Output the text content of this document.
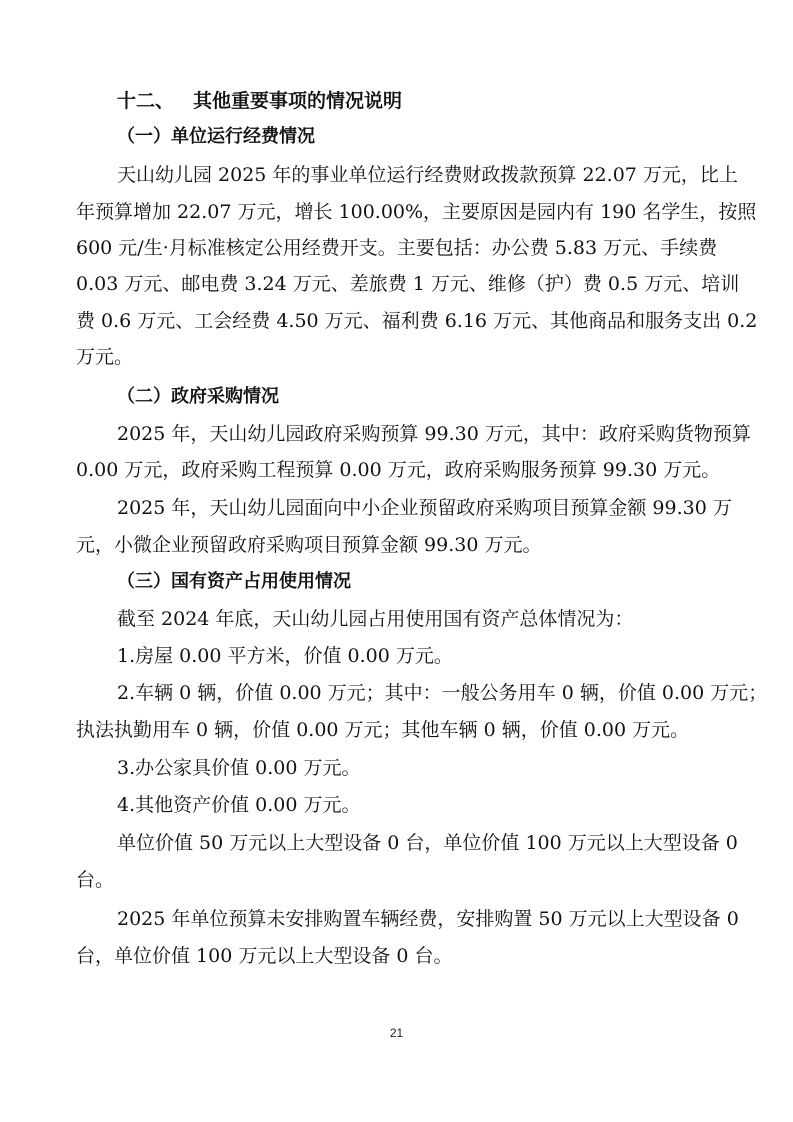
十二、 其他重要事项的情况说明
（一）单位运行经费情况
天山幼儿园 2025 年的事业单位运行经费财政拨款预算 22.07 万元，比上
年预算增加 22.07 万元，增长 100.00%，主要原因是园内有 190 名学生，按照
600 元/生·月标准核定公用经费开支。主要包括：办公费 5.83 万元、手续费
0.03 万元、邮电费 3.24 万元、差旅费 1 万元、维修（护）费 0.5 万元、培训
费 0.6 万元、工会经费 4.50 万元、福利费 6.16 万元、其他商品和服务支出 0.2
万元。
（二）政府采购情况
2025 年，天山幼儿园政府采购预算 99.30 万元，其中：政府采购货物预算
0.00 万元，政府采购工程预算 0.00 万元，政府采购服务预算 99.30 万元。
2025 年，天山幼儿园面向中小企业预留政府采购项目预算金额 99.30 万
元，小微企业预留政府采购项目预算金额 99.30 万元。
（三）国有资产占用使用情况
截至 2024 年底，天山幼儿园占用使用国有资产总体情况为：
1.房屋 0.00 平方米，价值 0.00 万元。
2.车辆 0 辆，价值 0.00 万元；其中：一般公务用车 0 辆，价值 0.00 万元；
执法执勤用车 0 辆，价值 0.00 万元；其他车辆 0 辆，价值 0.00 万元。
3.办公家具价值 0.00 万元。
4.其他资产价值 0.00 万元。
单位价值 50 万元以上大型设备 0 台，单位价值 100 万元以上大型设备 0
台。
2025 年单位预算未安排购置车辆经费，安排购置 50 万元以上大型设备 0
台，单位价值 100 万元以上大型设备 0 台。
21
